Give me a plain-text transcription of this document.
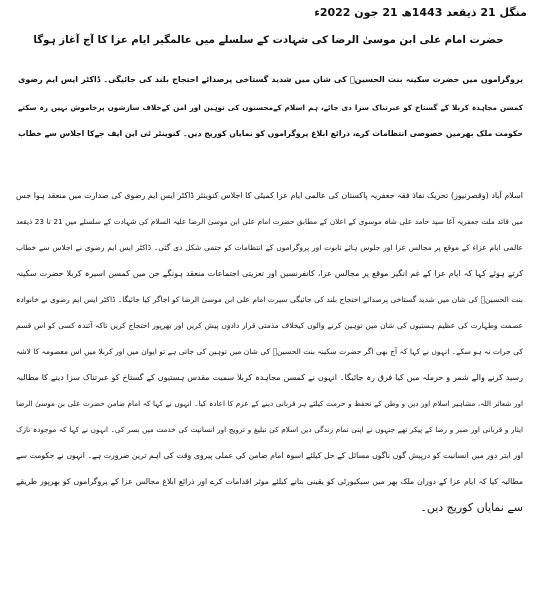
منگل 21 ذیقعد 1443ھ 21 جون 2022ء
حضرت امام علی ابن موسیٰ الرضا کی شہادت کے سلسلے میں عالمگیر ایام عزا کا آج آغاز ہوگا
پروگراموں میں حضرت سکینہ بنت الحسینؑ کی شان میں شدید گستاخی پرصدائے احتجاج بلند کی جائیگی۔ ڈاکٹر ایس ایم رضوی
کمسن مجاہدہ کربلا کے گستاخ کو عبرتناک سزا دی جائے، ہم اسلام کےمحسنوں کی توہین اور امن کےخلاف سازشوں پرخاموش نہیں رہ سکتے
حکومت ملک بھرمیں خصوصی انتظامات کرے، ذرائع ابلاغ پروگراموں کو نمایاں کوریج دیں۔ کنوینئر ٹی این ایف جےکا اجلاس سے خطاب
اسلام آباد (وقصرنیوز) تحریک نفاذ فقہ جعفریہ پاکستان کی عالمی ایام عزا کمیٹی کا اجلاس کنوینئر ڈاکٹر ایس ایم رضوی کی صدارت میں منعقد ہوا جس
میں قائد ملت جعفریہ آغا سید حامد علی شاہ موسوی کے اعلان کے مطابق حضرت امام علی ابن موسیٰ الرضا علیہ السلام کی شہادت کے سلسلے میں 21 تا 23 ذیقعد
عالمی ایام عزاء کے موقع پر مجالس عزا اور جلوس ہائے تابوت اور پروگراموں کے انتظامات کو حتمی شکل دی گئی۔ ڈاکٹر ایس ایم رضوی نے اجلاس سے خطاب
کرتے ہوئے کہا کہ ایام عزا کے غم انگیز موقع پر مجالس عزا، کانفرنسیں اور تعزیتی اجتماعات منعقد ہونگے جن میں کمسن اسیرہ کربلا حضرت سکینہ
بنت الحسینؑ کی شان میں شدید گستاخی پرصدائے احتجاج بلند کی جائیگی سیرت امام علی ابن موسیٰ الرضا کو اجاگر کیا جائیگا۔ ڈاکٹر ایس ایم رضوی نے خانوادہ
عصمت وطہارت کی عظیم ہستیوں کی شان میں توہین کرنے والوں کیخلاف مذمتی قرار دادوں پیش کریں اور بھرپور احتجاج کریں تاکہ آئندہ کسی کو اس قسم
کی جرات نہ ہو سکے۔ انہوں نے کہا کہ آج بھی اگر حضرت سکینہ بنت الحسینؑ کی شان میں توہین کی جاتی ہے تو ایوان میں اور کربلا میں اس معصومہ کا لاشہ
رسید کرنے والے شمر و حرملہ میں کیا فرق رہ جائیگا۔ انہوں نے کمسن مجاہدہ کربلا سمیت مقدس ہستیوں کے گستاخ کو عبرتناک سزا دینے کا مطالبہ
اور شعائر اللہ، مشاہیر اسلام اور دین و وطن کے تحفظ و حرمت کیلئے ہر قربانی دینے کے عزم کا اعادہ کیا۔ انہوں نے کہا کہ امام ضامن حضرت علی بن موسیٰ الرضا
ایثار و قربانی اور صبر و رضا کے پیکر تھے جنہوں نے اپنی تمام زندگی دین اسلام کی تبلیغ و ترویج اور انسانیت کی خدمت میں بسر کی۔ انہوں نے کہا کہ موجودہ نازک
اور ابتر دور میں انسانیت کو درپیش گوں ناگوں مسائل کے حل کیلئے اسوہ امام ضامن کی عملی پیروی وقت کی اہم ترین ضرورت ہے۔ انہوں نے حکومت سے
مطالبہ کیا کہ ایام عزا کے دوران ملک بھر میں سیکیورٹی کو یقینی بنانے کیلئے موثر اقدامات کرے اور ذرائع ابلاغ مجالس عزا کے پروگراموں کو بھرپور طریقے
سے نمایاں کوریج دیں۔
